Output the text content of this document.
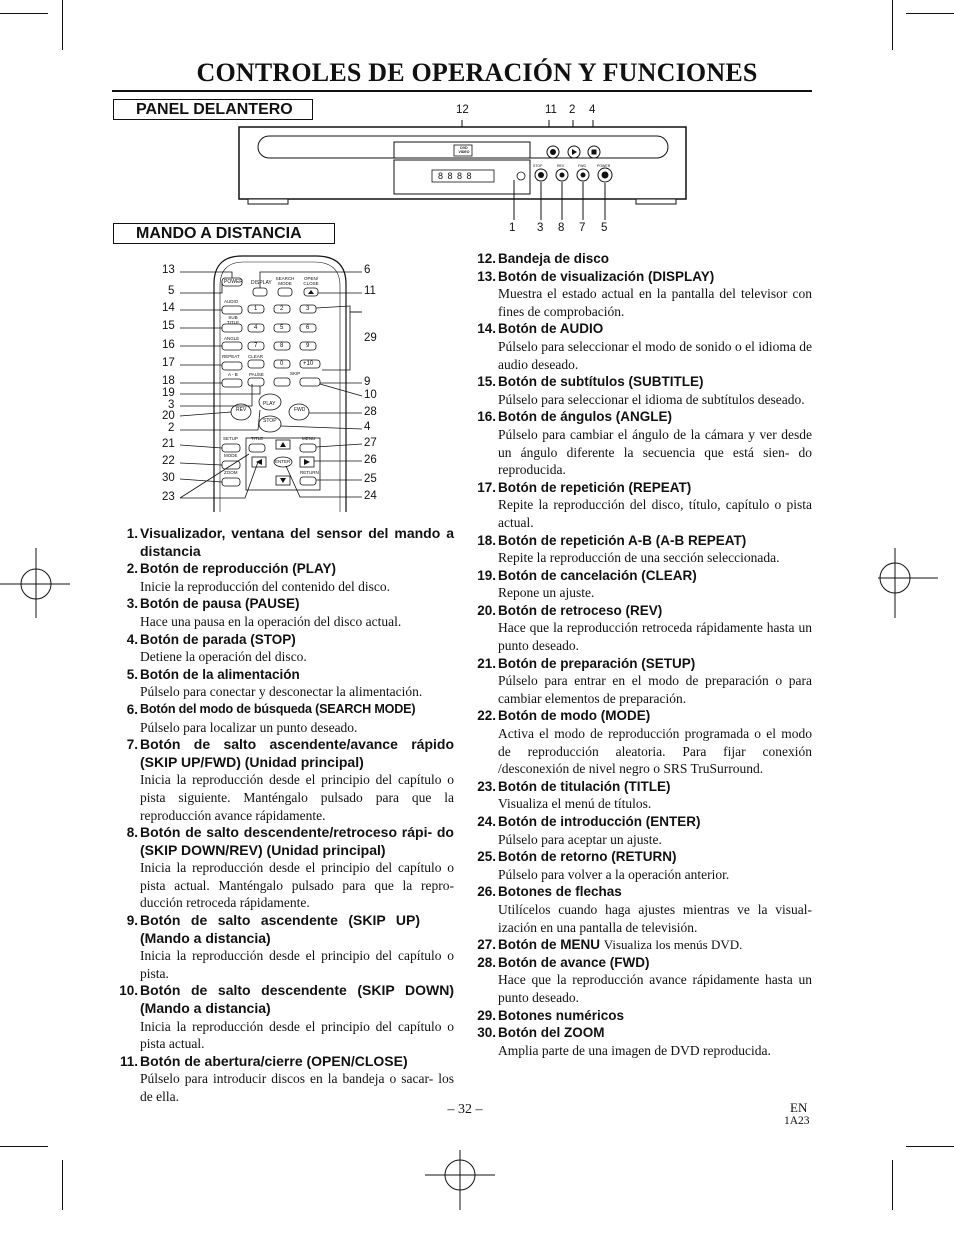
CONTROLES DE OPERACIÓN Y FUNCIONES
PANEL DELANTERO	12	11 2 4
DVD VIDEO
8 8 8 8
STOP	REV	FWD	POWER
1 3 8 7 5
MANDO A DISTANCIA
13
5
14
15
16
17
18
19
3
20
2
21
22
30
23
6
11
29
9
10
28
4
27
26
25
24
POWER DISPLAY
SEARCH MODE
OPEN/ CLOSE
AUDIO
SUB TITLE
ANGLE
REPEAT CLEAR
A - B PAUSE	SKIP
REV
PLAY
FWD
STOP
SETUP
MODE
ZOOM
TITLE	MENU
ENTER
RETURN
1	2	3
4	5	6
7	8	9
0	+10
1. Visualizador, ventana del sensor del mando a distancia
2. Botón de reproducción (PLAY)
Inicie la reproducción del contenido del disco.
3. Botón de pausa (PAUSE)
Hace una pausa en la operación del disco actual.
4. Botón de parada (STOP)
Detiene la operación del disco.
5. Botón de la alimentación
Púlselo para conectar y desconectar la alimentación.
6. Botón del modo de búsqueda (SEARCH MODE)
Púlselo para localizar un punto deseado.
7. Botón de salto ascendente/avance rápido (SKIP UP/FWD) (Unidad principal)
Inicia la reproducción desde el principio del capítulo o pista siguiente. Manténgalo pulsado para que la reproducción avance rápidamente.
8. Botón de salto descendente/retroceso rápi- do (SKIP DOWN/REV) (Unidad principal)
Inicia la reproducción desde el principio del capítulo o pista actual. Manténgalo pulsado para que la repro- ducción retroceda rápidamente.
9. Botón de salto ascendente (SKIP UP) (Mando a distancia)
Inicia la reproducción desde el principio del capítulo o pista.
10. Botón de salto descendente (SKIP DOWN) (Mando a distancia)
Inicia la reproducción desde el principio del capítulo o pista actual.
11. Botón de abertura/cierre (OPEN/CLOSE)
Púlselo para introducir discos en la bandeja o sacar- los de ella.
12. Bandeja de disco
13. Botón de visualización (DISPLAY)
Muestra el estado actual en la pantalla del televisor con fines de comprobación.
14. Botón de AUDIO
Púlselo para seleccionar el modo de sonido o el idioma de audio deseado.
15. Botón de subtítulos (SUBTITLE)
Púlselo para seleccionar el idioma de subtítulos deseado.
16. Botón de ángulos (ANGLE)
Púlselo para cambiar el ángulo de la cámara y ver desde un ángulo diferente la secuencia que está sien- do reproducida.
17. Botón de repetición (REPEAT)
Repite la reproducción del disco, título, capítulo o pista actual.
18. Botón de repetición A-B (A-B REPEAT)
Repite la reproducción de una sección seleccionada.
19. Botón de cancelación (CLEAR)
Repone un ajuste.
20. Botón de retroceso (REV)
Hace que la reproducción retroceda rápidamente hasta un punto deseado.
21. Botón de preparación (SETUP)
Púlselo para entrar en el modo de preparación o para cambiar elementos de preparación.
22. Botón de modo (MODE)
Activa el modo de reproducción programada o el modo de reproducción aleatoria. Para fijar conexión /desconexión de nivel negro o SRS TruSurround.
23. Botón de titulación (TITLE)
Visualiza el menú de títulos.
24. Botón de introducción (ENTER)
Púlselo para aceptar un ajuste.
25. Botón de retorno (RETURN)
Púlselo para volver a la operación anterior.
26. Botones de flechas
Utilícelos cuando haga ajustes mientras ve la visual- ización en una pantalla de televisión.
27. Botón de MENU Visualiza los menús DVD.
28. Botón de avance (FWD)
Hace que la reproducción avance rápidamente hasta un punto deseado.
29. Botones numéricos
30. Botón del ZOOM
Amplia parte de una imagen de DVD reproducida.
– 32 –	EN
1A23
